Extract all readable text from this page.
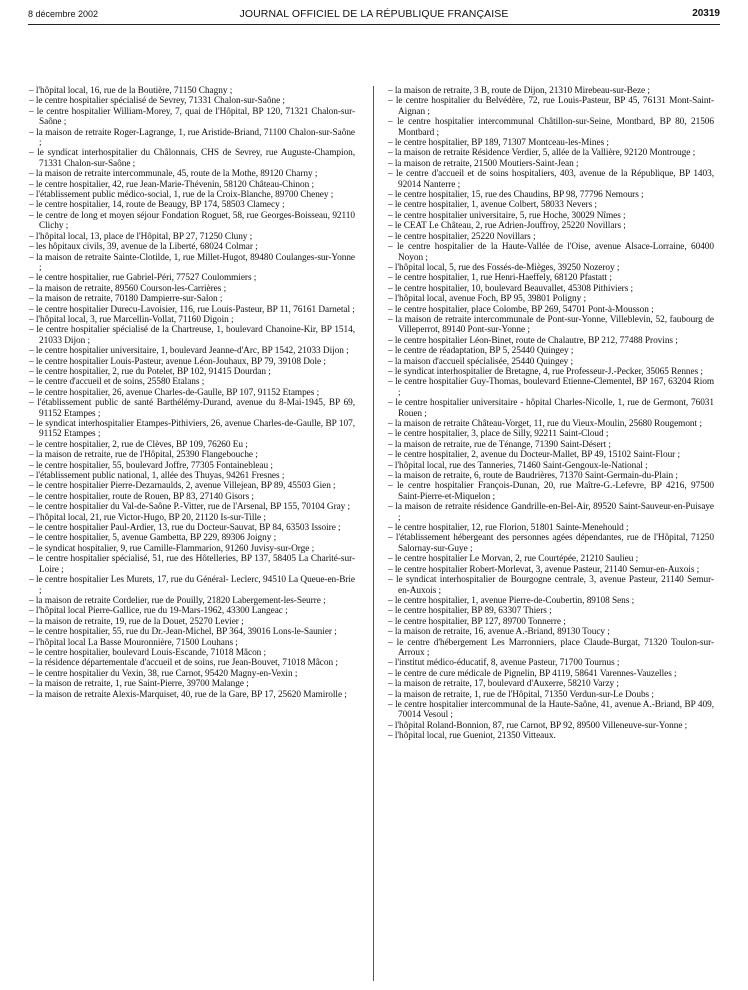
8 décembre 2002	JOURNAL OFFICIEL DE LA RÉPUBLIQUE FRANÇAISE	20319
– l'hôpital local, 16, rue de la Boutière, 71150 Chagny ;
– le centre hospitalier spécialisé de Sevrey, 71331 Chalon-sur-Saône ;
– le centre hospitalier William-Morey, 7, quai de l'Hôpital, BP 120, 71321 Chalon-sur-Saône ;
– la maison de retraite Roger-Lagrange, 1, rue Aristide-Briand, 71100 Chalon-sur-Saône ;
– le syndicat interhospitalier du Châlonnais, CHS de Sevrey, rue Auguste-Champion, 71331 Chalon-sur-Saône ;
– la maison de retraite intercommunale, 45, route de la Mothe, 89120 Charny ;
– le centre hospitalier, 42, rue Jean-Marie-Thévenin, 58120 Château-Chinon ;
– l'établissement public médico-social, 1, rue de la Croix-Blanche, 89700 Cheney ;
– le centre hospitalier, 14, route de Beaugy, BP 174, 58503 Clamecy ;
– le centre de long et moyen séjour Fondation Roguet, 58, rue Georges-Boisseau, 92110 Clichy ;
– l'hôpital local, 13, place de l'Hôpital, BP 27, 71250 Cluny ;
– les hôpitaux civils, 39, avenue de la Liberté, 68024 Colmar ;
– la maison de retraite Sainte-Clotilde, 1, rue Millet-Hugot, 89480 Coulanges-sur-Yonne ;
– le centre hospitalier, rue Gabriel-Péri, 77527 Coulommiers ;
– la maison de retraite, 89560 Courson-les-Carrières ;
– la maison de retraite, 70180 Dampierre-sur-Salon ;
– le centre hospitalier Durecu-Lavoisier, 116, rue Louis-Pasteur, BP 11, 76161 Darnetal ;
– l'hôpital local, 3, rue Marcellin-Vollat, 71160 Digoin ;
– le centre hospitalier spécialisé de la Chartreuse, 1, boulevard Chanoine-Kir, BP 1514, 21033 Dijon ;
– le centre hospitalier universitaire, 1, boulevard Jeanne-d'Arc, BP 1542, 21033 Dijon ;
– le centre hospitalier Louis-Pasteur, avenue Léon-Jouhaux, BP 79, 39108 Dole ;
– le centre hospitalier, 2, rue du Potelet, BP 102, 91415 Dourdan ;
– le centre d'accueil et de soins, 25580 Etalans ;
– le centre hospitalier, 26, avenue Charles-de-Gaulle, BP 107, 91152 Etampes ;
– l'établissement public de santé Barthélémy-Durand, avenue du 8-Mai-1945, BP 69, 91152 Etampes ;
– le syndicat interhospitalier Etampes-Pithiviers, 26, avenue Charles-de-Gaulle, BP 107, 91152 Etampes ;
– le centre hospitalier, 2, rue de Clèves, BP 109, 76260 Eu ;
– la maison de retraite, rue de l'Hôpital, 25390 Flangebouche ;
– le centre hospitalier, 55, boulevard Joffre, 77305 Fontainebleau ;
– l'établissement public national, 1, allée des Thuyas, 94261 Fresnes ;
– le centre hospitalier Pierre-Dezarnaulds, 2, avenue Villejean, BP 89, 45503 Gien ;
– le centre hospitalier, route de Rouen, BP 83, 27140 Gisors ;
– le centre hospitalier du Val-de-Saône P.-Vitter, rue de l'Arsenal, BP 155, 70104 Gray ;
– l'hôpital local, 21, rue Victor-Hugo, BP 20, 21120 Is-sur-Tille ;
– le centre hospitalier Paul-Ardier, 13, rue du Docteur-Sauvat, BP 84, 63503 Issoire ;
– le centre hospitalier, 5, avenue Gambetta, BP 229, 89306 Joigny ;
– le syndicat hospitalier, 9, rue Camille-Flammarion, 91260 Juvisy-sur-Orge ;
– le centre hospitalier spécialisé, 51, rue des Hôtelleries, BP 137, 58405 La Charité-sur-Loire ;
– le centre hospitalier Les Murets, 17, rue du Général- Leclerc, 94510 La Queue-en-Brie ;
– la maison de retraite Cordelier, rue de Pouilly, 21820 Labergement-les-Seurre ;
– l'hôpital local Pierre-Gallice, rue du 19-Mars-1962, 43300 Langeac ;
– la maison de retraite, 19, rue de la Douet, 25270 Levier ;
– le centre hospitalier, 55, rue du Dr.-Jean-Michel, BP 364, 39016 Lons-le-Saunier ;
– l'hôpital local La Basse Mouronnière, 71500 Louhans ;
– le centre hospitalier, boulevard Louis-Escande, 71018 Mâcon ;
– la résidence départementale d'accueil et de soins, rue Jean-Bouvet, 71018 Mâcon ;
– le centre hospitalier du Vexin, 38, rue Carnot, 95420 Magny-en-Vexin ;
– la maison de retraite, 1, rue Saint-Pierre, 39700 Malange ;
– la maison de retraite Alexis-Marquiset, 40, rue de la Gare, BP 17, 25620 Mamirolle ;
– la maison de retraite, 3 B, route de Dijon, 21310 Mirebeau-sur-Beze ;
– le centre hospitalier du Belvédère, 72, rue Louis-Pasteur, BP 45, 76131 Mont-Saint-Aignan ;
– le centre hospitalier intercommunal Châtillon-sur-Seine, Montbard, BP 80, 21506 Montbard ;
– le centre hospitalier, BP 189, 71307 Montceau-les-Mines ;
– la maison de retraite Résidence Verdier, 5, allée de la Vallière, 92120 Montrouge ;
– la maison de retraite, 21500 Moutiers-Saint-Jean ;
– le centre d'accueil et de soins hospitaliers, 403, avenue de la République, BP 1403, 92014 Nanterre ;
– le centre hospitalier, 15, rue des Chaudins, BP 98, 77796 Nemours ;
– le centre hospitalier, 1, avenue Colbert, 58033 Nevers ;
– le centre hospitalier universitaire, 5, rue Hoche, 30029 Nîmes ;
– le CEAT Le Château, 2, rue Adrien-Jouffroy, 25220 Novillars ;
– le centre hospitalier, 25220 Novillars ;
– le centre hospitalier de la Haute-Vallée de l'Oise, avenue Alsace-Lorraine, 60400 Noyon ;
– l'hôpital local, 5, rue des Fossés-de-Mièges, 39250 Nozeroy ;
– le centre hospitalier, 1, rue Henri-Haeffely, 68120 Pfastatt ;
– le centre hospitalier, 10, boulevard Beauvallet, 45308 Pithiviers ;
– l'hôpital local, avenue Foch, BP 95, 39801 Poligny ;
– le centre hospitalier, place Colombe, BP 269, 54701 Pont-à-Mousson ;
– la maison de retraite intercommunale de Pont-sur-Yonne, Villeblevin, 52, faubourg de Villeperrot, 89140 Pont-sur-Yonne ;
– le centre hospitalier Léon-Binet, route de Chalautre, BP 212, 77488 Provins ;
– le centre de réadaptation, BP 5, 25440 Quingey ;
– la maison d'accueil spécialisée, 25440 Quingey ;
– le syndicat interhospitalier de Bretagne, 4, rue Professeur-J.-Pecker, 35065 Rennes ;
– le centre hospitalier Guy-Thomas, boulevard Etienne-Clementel, BP 167, 63204 Riom ;
– le centre hospitalier universitaire - hôpital Charles-Nicolle, 1, rue de Germont, 76031 Rouen ;
– la maison de retraite Château-Vorget, 11, rue du Vieux-Moulin, 25680 Rougemont ;
– le centre hospitalier, 3, place de Silly, 92211 Saint-Cloud ;
– la maison de retraite, rue de Ténange, 71390 Saint-Désert ;
– le centre hospitalier, 2, avenue du Docteur-Mallet, BP 49, 15102 Saint-Flour ;
– l'hôpital local, rue des Tanneries, 71460 Saint-Gengoux-le-National ;
– la maison de retraite, 6, route de Baudrières, 71370 Saint-Germain-du-Plain ;
– le centre hospitalier François-Dunan, 20, rue Maître-G.-Lefevre, BP 4216, 97500 Saint-Pierre-et-Miquelon ;
– la maison de retraite résidence Gandrille-en-Bel-Air, 89520 Saint-Sauveur-en-Puisaye ;
– le centre hospitalier, 12, rue Florion, 51801 Sainte-Menehould ;
– l'établissement hébergeant des personnes agées dépendantes, rue de l'Hôpital, 71250 Salornay-sur-Guye ;
– le centre hospitalier Le Morvan, 2, rue Courtépée, 21210 Saulieu ;
– le centre hospitalier Robert-Morlevat, 3, avenue Pasteur, 21140 Semur-en-Auxois ;
– le syndicat interhospitalier de Bourgogne centrale, 3, avenue Pasteur, 21140 Semur-en-Auxois ;
– le centre hospitalier, 1, avenue Pierre-de-Coubertin, 89108 Sens ;
– le centre hospitalier, BP 89, 63307 Thiers ;
– le centre hospitalier, BP 127, 89700 Tonnerre ;
– la maison de retraite, 16, avenue A.-Briand, 89130 Toucy ;
– le centre d'hébergement Les Marronniers, place Claude-Burgat, 71320 Toulon-sur-Arroux ;
– l'institut médico-éducatif, 8, avenue Pasteur, 71700 Tournus ;
– le centre de cure médicale de Pignelin, BP 4119, 58641 Varennes-Vauzelles ;
– la maison de retraite, 17, boulevard d'Auxerre, 58210 Varzy ;
– la maison de retraite, 1, rue de l'Hôpital, 71350 Verdun-sur-Le Doubs ;
– le centre hospitalier intercommunal de la Haute-Saône, 41, avenue A.-Briand, BP 409, 70014 Vesoul ;
– l'hôpital Roland-Bonnion, 87, rue Carnot, BP 92, 89500 Villeneuve-sur-Yonne ;
– l'hôpital local, rue Gueniot, 21350 Vitteaux.
